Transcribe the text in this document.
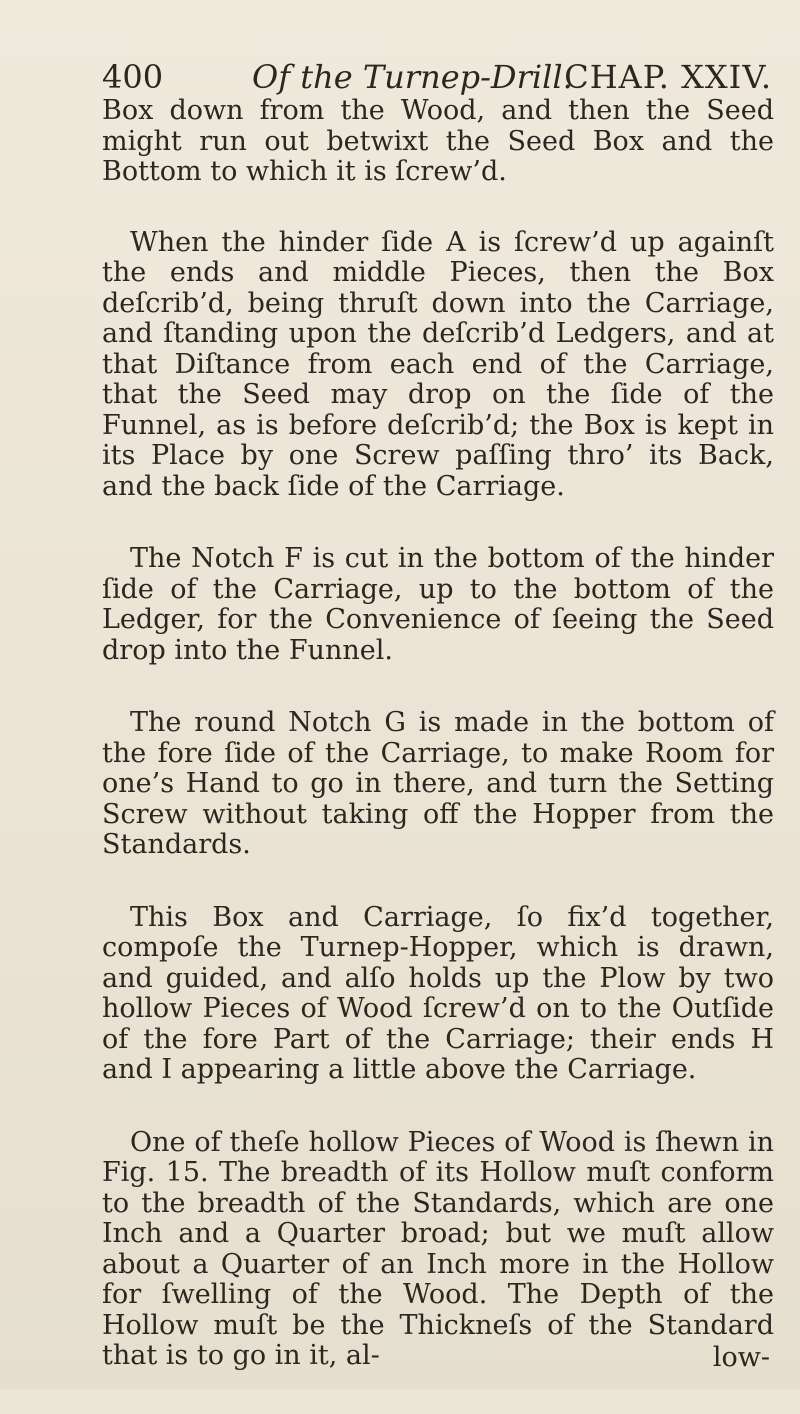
400	Of the Turnep-Drill.
CHAP. XXIV.

Box down from the Wood, and then the Seed might run out betwixt the Seed Box and the Bottom to which it is ſcrew’d.

When the hinder ſide A is ſcrew’d up againſt the ends and middle Pieces, then the Box deſcrib’d, being thruſt down into the Carriage, and ſtanding upon the deſcrib’d Ledgers, and at that Diſtance from each end of the Carriage, that the Seed may drop on the ſide of the Funnel, as is before deſcrib’d; the Box is kept in its Place by one Screw paſſing thro’ its Back, and the back ſide of the Carriage.

The Notch F is cut in the bottom of the hinder ſide of the Carriage, up to the bottom of the Ledger, for the Convenience of ſeeing the Seed drop into the Funnel.

The round Notch G is made in the bottom of the fore ſide of the Carriage, to make Room for one’s Hand to go in there, and turn the Setting Screw without taking off the Hopper from the Standards.

This Box and Carriage, ſo fix’d together, compoſe the Turnep-Hopper, which is drawn, and guided, and alſo holds up the Plow by two hollow Pieces of Wood ſcrew’d on to the Outſide of the fore Part of the Carriage; their ends H and I appearing a little above the Carriage.

One of theſe hollow Pieces of Wood is ſhewn in Fig. 15. The breadth of its Hollow muſt conform to the breadth of the Standards, which are one Inch and a Quarter broad; but we muſt allow about a Quarter of an Inch more in the Hollow for ſwelling of the Wood. The Depth of the Hollow muſt be the Thickneſs of the Standard that is to go in it, al-	low-
